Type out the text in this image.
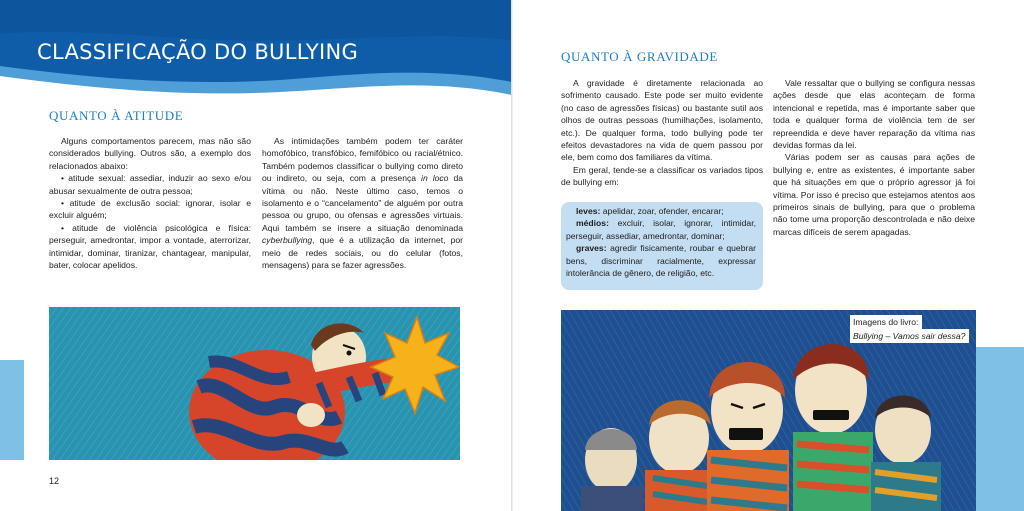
CLASSIFICAÇÃO DO BULLYING
QUANTO À ATITUDE

Alguns comportamentos parecem, mas não são considerados bullying. Outros são, a exemplo dos relacionados abaixo:

• atitude sexual: assediar, induzir ao sexo e/ou abusar sexualmente de outra pessoa;

• atitude de exclusão social: ignorar, isolar e excluir alguém;

• atitude de violência psicológica e física: perseguir, amedrontar, impor a vontade, aterrorizar, intimidar, dominar, tiranizar, chantagear, manipular, bater, colocar apelidos.

As intimidações também podem ter caráter homofóbico, transfóbico, femifóbico ou racial/étnico. Também podemos classificar o bullying como direto ou indireto, ou seja, com a presença in loco da vítima ou não. Neste último caso, temos o isolamento e o “cancelamento” de alguém por outra pessoa ou grupo, ou ofensas e agressões virtuais. Aqui também se insere a situação denominada cyberbullying, que é a utilização da internet, por meio de redes sociais, ou do celular (fotos, mensagens) para se fazer agressões.

12
QUANTO À GRAVIDADE

A gravidade é diretamente relacionada ao sofrimento causado. Este pode ser muito evidente (no caso de agressões físicas) ou bastante sutil aos olhos de outras pessoas (humilhações, isolamento, etc.). De qualquer forma, todo bullying pode ter efeitos devastadores na vida de quem passou por ele, bem como dos familiares da vítima.

Em geral, tende-se a classificar os variados tipos de bullying em:

leves: apelidar, zoar, ofender, encarar;
médios: excluir, isolar, ignorar, intimidar, perseguir, assediar, amedrontar, dominar;
graves: agredir fisicamente, roubar e quebrar bens, discriminar racialmente, expressar intolerância de gênero, de religião, etc.

Vale ressaltar que o bullying se configura nessas ações desde que elas aconteçam de forma intencional e repetida, mas é importante saber que toda e qualquer forma de violência tem de ser repreendida e deve haver reparação da vítima nas devidas formas da lei.

Várias podem ser as causas para ações de bullying e, entre as existentes, é importante saber que há situações em que o próprio agressor já foi vítima. Por isso é preciso que estejamos atentos aos primeiros sinais de bullying, para que o problema não tome uma proporção descontrolada e não deixe marcas difíceis de serem apagadas.

Imagens do livro:
Bullying – Vamos sair dessa?
